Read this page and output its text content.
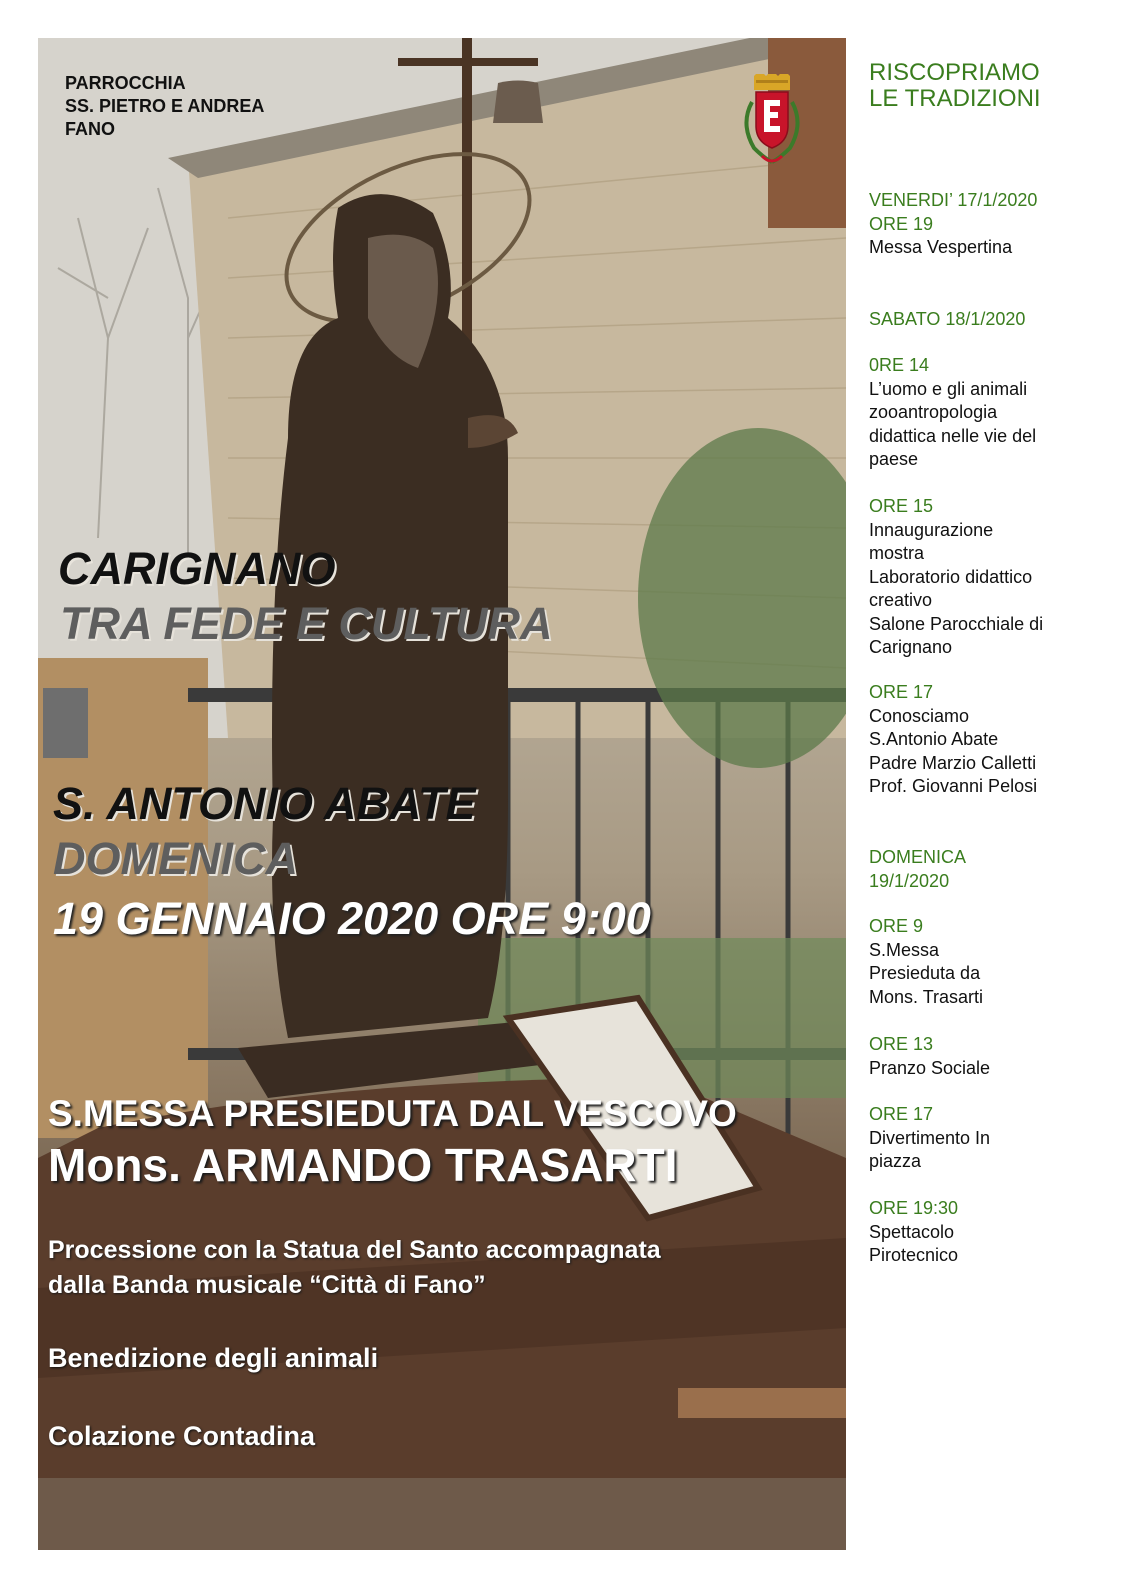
PARROCCHIA
SS. PIETRO E ANDREA
FANO
CARIGNANO
TRA FEDE E CULTURA
S. ANTONIO ABATE
DOMENICA
19 GENNAIO 2020 ORE 9:00
S.MESSA PRESIEDUTA DAL VESCOVO
Mons. ARMANDO TRASARTI
Processione con la Statua del Santo accompagnata
dalla Banda musicale “Città di Fano”
Benedizione degli animali
Colazione Contadina
RISCOPRIAMO
LE TRADIZIONI
VENERDI’ 17/1/2020
ORE 19
Messa Vespertina
SABATO 18/1/2020
0RE 14
L’uomo e gli animali
zooantropologia
didattica nelle vie del
paese
ORE 15
Innaugurazione
mostra
Laboratorio didattico
creativo
Salone Parocchiale di
Carignano
ORE 17
Conosciamo
S.Antonio Abate
Padre Marzio Calletti
Prof. Giovanni Pelosi
DOMENICA
19/1/2020
ORE 9
S.Messa
Presieduta da
Mons. Trasarti
ORE 13
Pranzo Sociale
ORE 17
Divertimento In
piazza
ORE 19:30
Spettacolo
Pirotecnico
